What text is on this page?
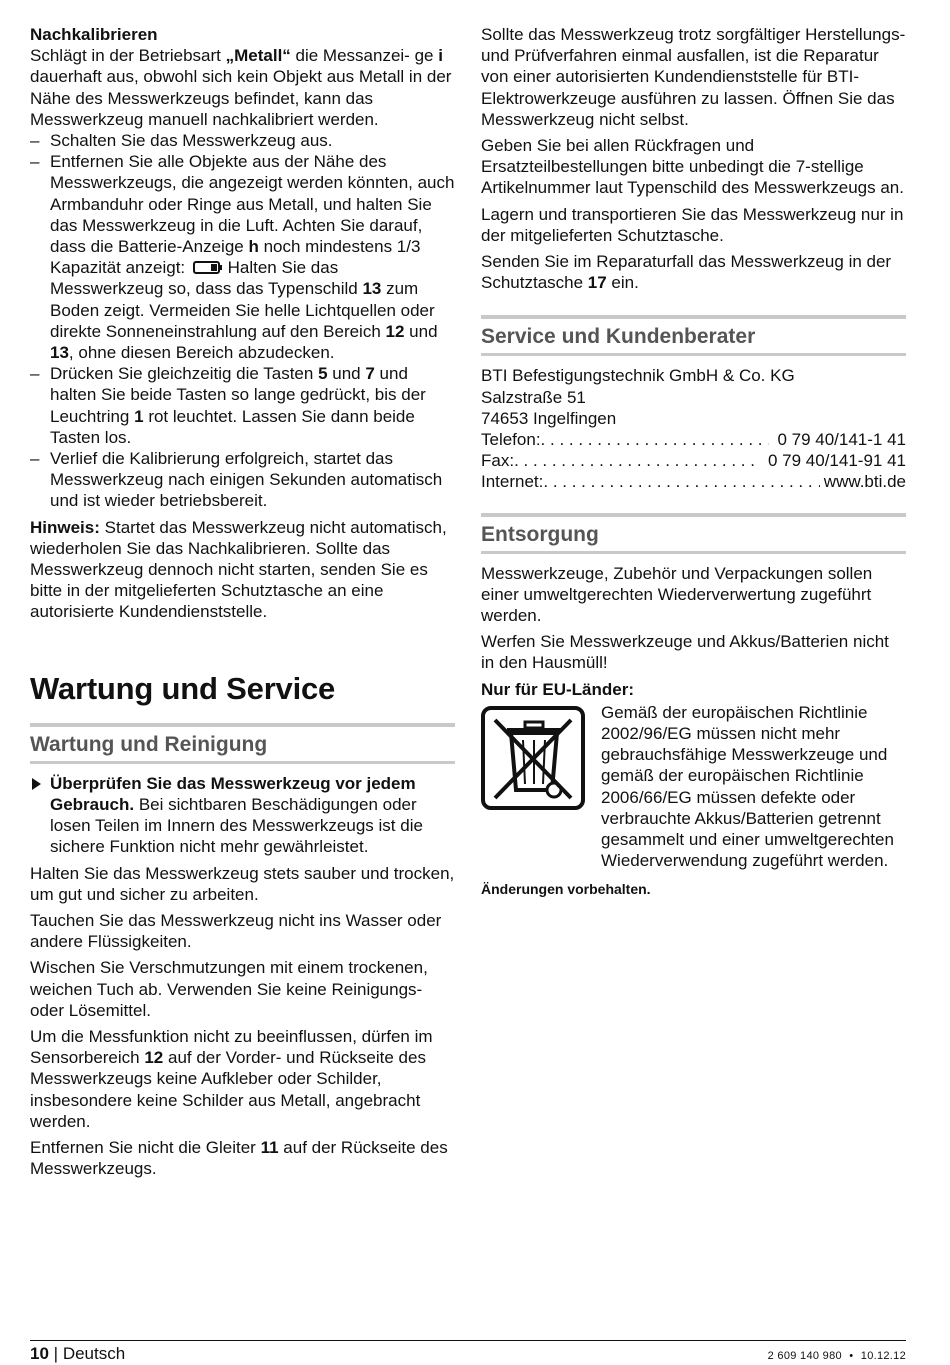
Nachkalibrieren

Schlägt in der Betriebsart „Metall“ die Messanzei- ge i dauerhaft aus, obwohl sich kein Objekt aus Metall in der Nähe des Messwerkzeugs befindet, kann das Messwerkzeug manuell nachkalibriert werden.

– Schalten Sie das Messwerkzeug aus.
– Entfernen Sie alle Objekte aus der Nähe des Messwerkzeugs, die angezeigt werden könnten, auch Armbanduhr oder Ringe aus Metall, und halten Sie das Messwerkzeug in die Luft. Achten Sie darauf, dass die Batterie-Anzeige h noch mindestens 1/3 Kapazität anzeigt: Halten Sie das Messwerkzeug so, dass das Typenschild 13 zum Boden zeigt. Vermeiden Sie helle Lichtquellen oder direkte Sonneneinstrahlung auf den Bereich 12 und 13, ohne diesen Bereich abzudecken.
– Drücken Sie gleichzeitig die Tasten 5 und 7 und halten Sie beide Tasten so lange gedrückt, bis der Leuchtring 1 rot leuchtet. Lassen Sie dann beide Tasten los.
– Verlief die Kalibrierung erfolgreich, startet das Messwerkzeug nach einigen Sekunden automatisch und ist wieder betriebsbereit.

Hinweis: Startet das Messwerkzeug nicht automatisch, wiederholen Sie das Nachkalibrieren. Sollte das Messwerkzeug dennoch nicht starten, senden Sie es bitte in der mitgelieferten Schutztasche an eine autorisierte Kundendienststelle.

Wartung und Service
Wartung und Reinigung
Überprüfen Sie das Messwerkzeug vor jedem Gebrauch. Bei sichtbaren Beschädigungen oder losen Teilen im Innern des Messwerkzeugs ist die sichere Funktion nicht mehr gewährleistet.

Halten Sie das Messwerkzeug stets sauber und trocken, um gut und sicher zu arbeiten.

Tauchen Sie das Messwerkzeug nicht ins Wasser oder andere Flüssigkeiten.

Wischen Sie Verschmutzungen mit einem trockenen, weichen Tuch ab. Verwenden Sie keine Reinigungs- oder Lösemittel.

Um die Messfunktion nicht zu beeinflussen, dürfen im Sensorbereich 12 auf der Vorder- und Rückseite des Messwerkzeugs keine Aufkleber oder Schilder, insbesondere keine Schilder aus Metall, angebracht werden.

Entfernen Sie nicht die Gleiter 11 auf der Rückseite des Messwerkzeugs.

Sollte das Messwerkzeug trotz sorgfältiger Herstellungs- und Prüfverfahren einmal ausfallen, ist die Reparatur von einer autorisierten Kundendienststelle für BTI-Elektrowerkzeuge ausführen zu lassen. Öffnen Sie das Messwerkzeug nicht selbst.

Geben Sie bei allen Rückfragen und Ersatzteilbestellungen bitte unbedingt die 7-stellige Artikelnummer laut Typenschild des Messwerkzeugs an.

Lagern und transportieren Sie das Messwerkzeug nur in der mitgelieferten Schutztasche.

Senden Sie im Reparaturfall das Messwerkzeug in der Schutztasche 17 ein.

Service und Kundenberater

BTI Befestigungstechnik GmbH & Co. KG

Salzstraße 51

74653 Ingelfingen

Telefon: . . .	0 79 40/141-1 41
Fax: . . .	0 79 40/141-91 41
Internet: . . .	www.bti.de
Entsorgung

Messwerkzeuge, Zubehör und Verpackungen sollen einer umweltgerechten Wiederverwertung zugeführt werden.

Werfen Sie Messwerkzeuge und Akkus/Batterien nicht in den Hausmüll!

Nur für EU-Länder:

Gemäß der europäischen Richtlinie 2002/96/EG müssen nicht mehr gebrauchsfähige Messwerkzeuge und gemäß der europäischen Richtlinie 2006/66/EG müssen defekte oder verbrauchte Akkus/Batterien getrennt gesammelt und einer umweltgerechten Wiederverwendung zugeführt werden.

Änderungen vorbehalten.

10 | Deutsch	2 609 140 980 • 10.12.12
